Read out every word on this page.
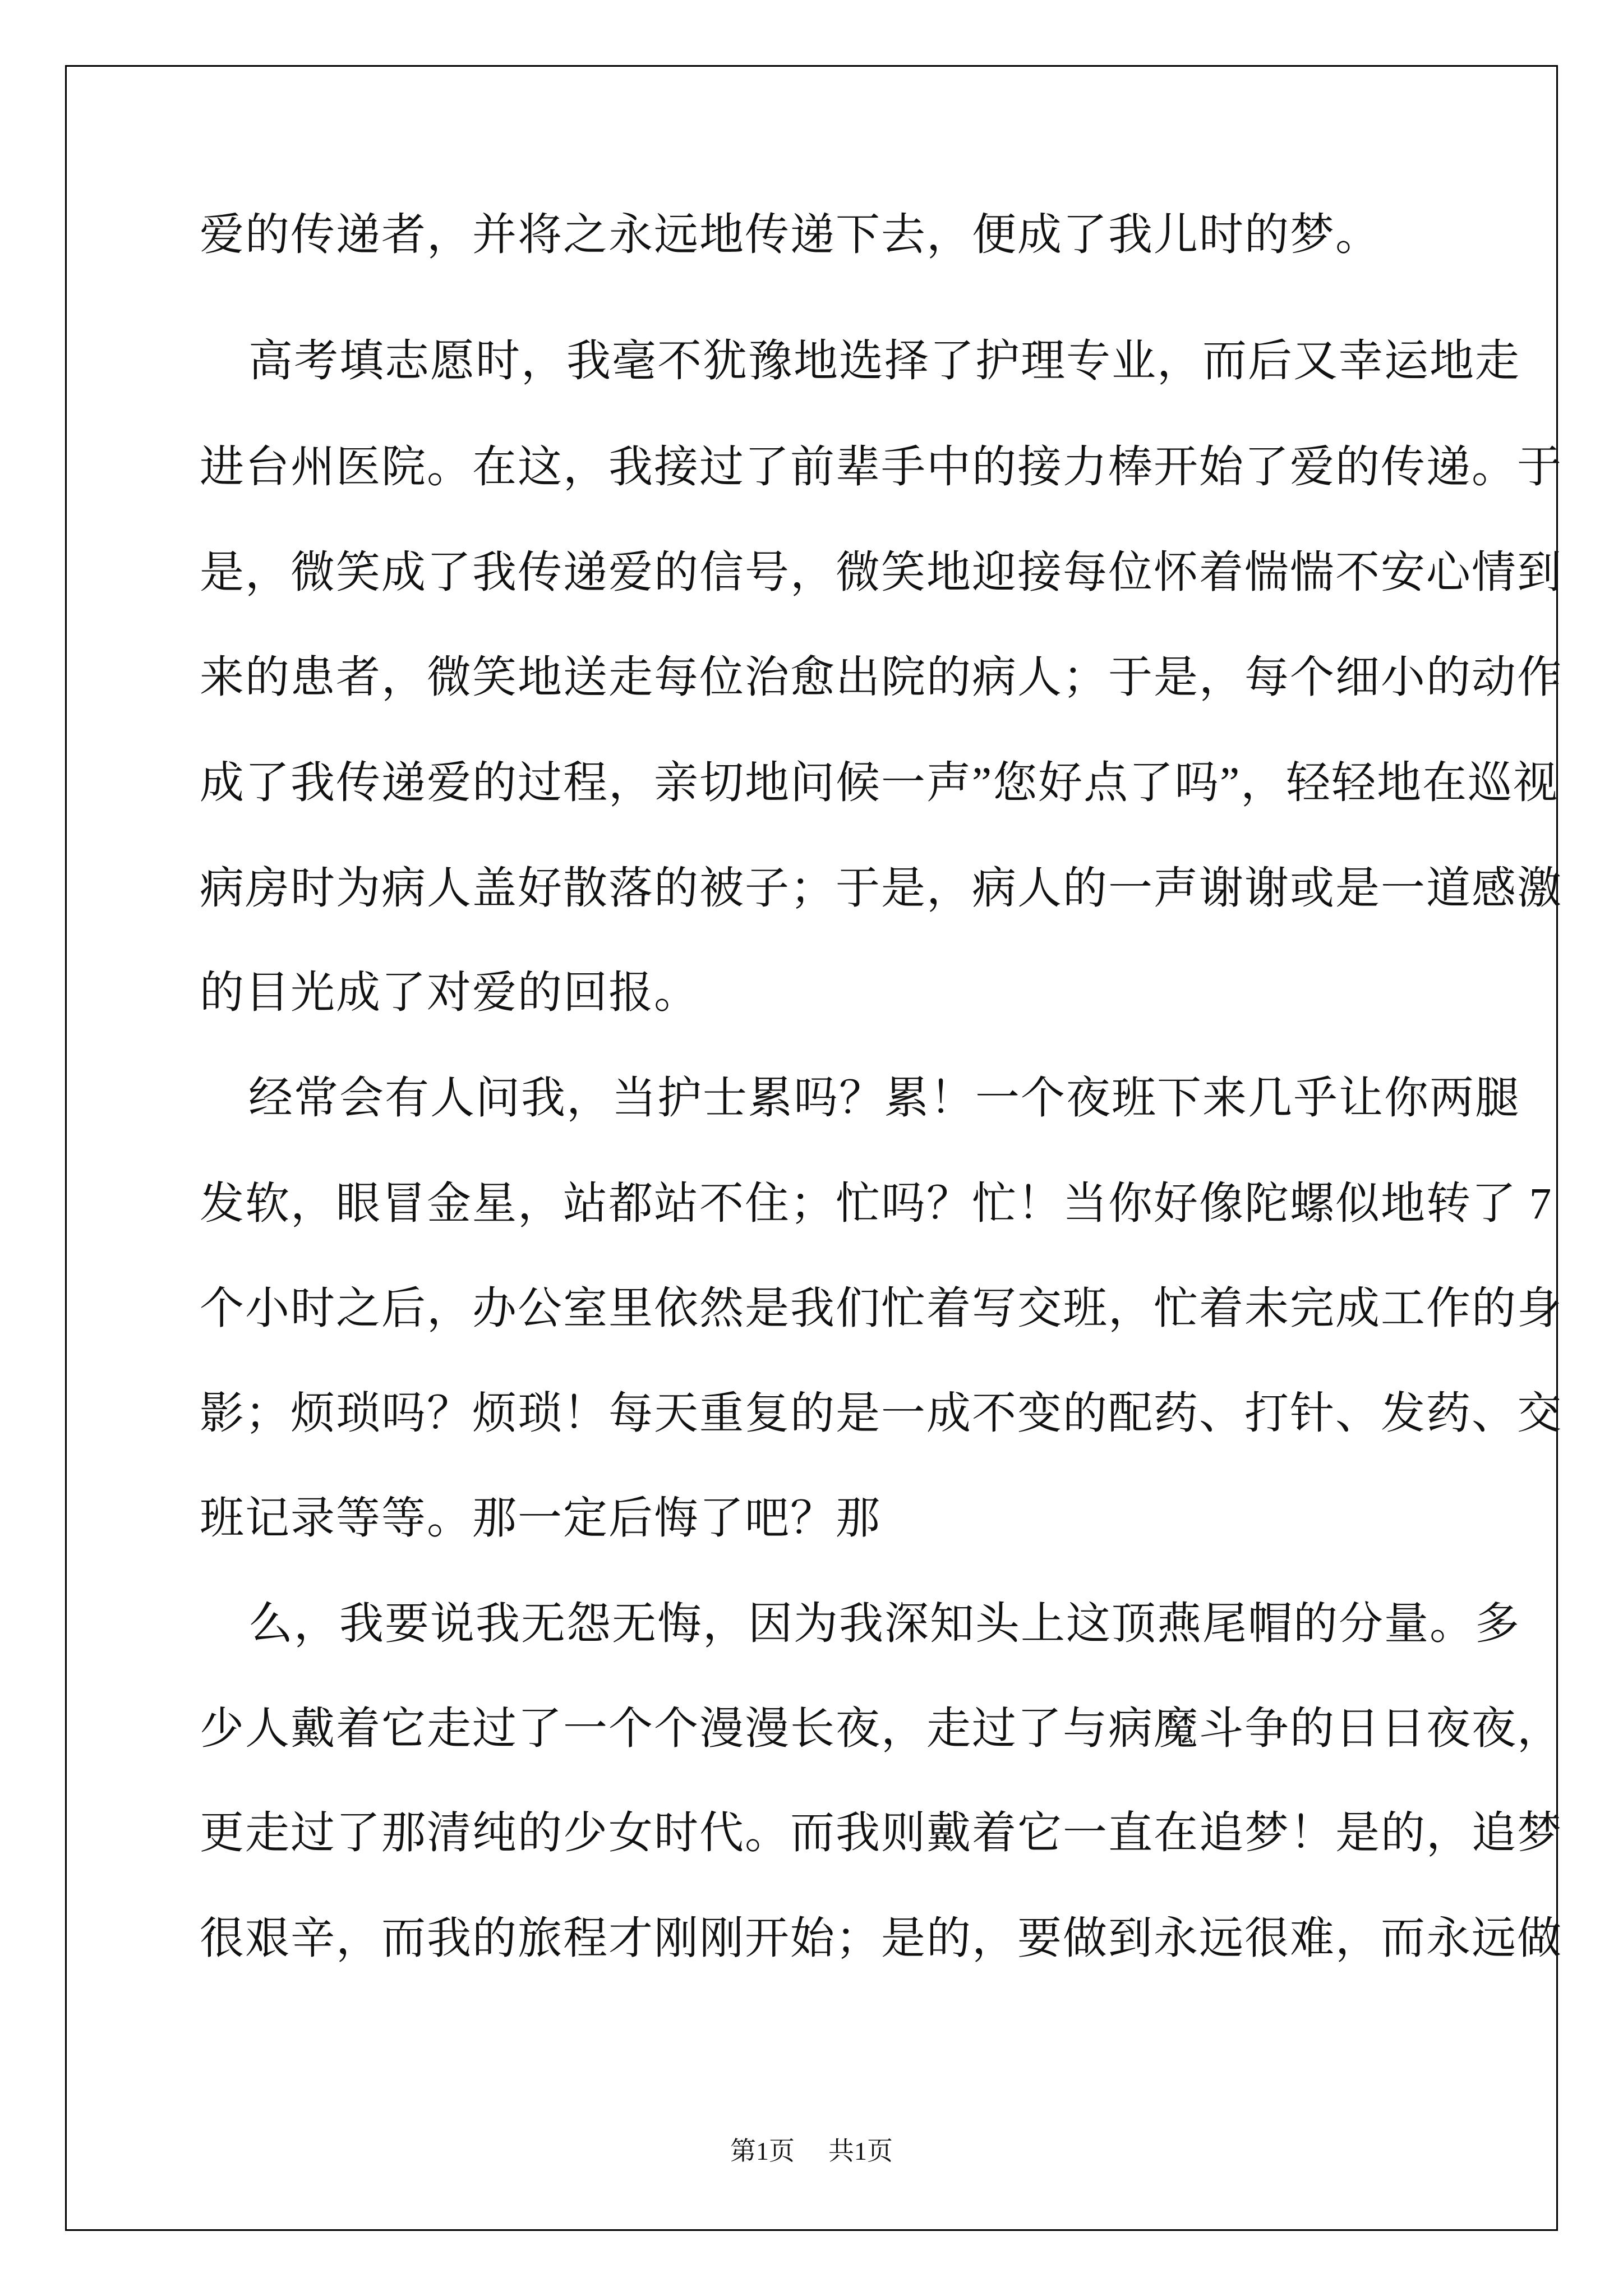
爱的传递者，并将之永远地传递下去，便成了我儿时的梦。
高考填志愿时，我毫不犹豫地选择了护理专业，而后又幸运地走
进台州医院。在这，我接过了前辈手中的接力棒开始了爱的传递。于
是，微笑成了我传递爱的信号，微笑地迎接每位怀着惴惴不安心情到
来的患者，微笑地送走每位治愈出院的病人；于是，每个细小的动作
成了我传递爱的过程，亲切地问候一声”您好点了吗”，轻轻地在巡视
病房时为病人盖好散落的被子；于是，病人的一声谢谢或是一道感激
的目光成了对爱的回报。
经常会有人问我，当护士累吗？累！一个夜班下来几乎让你两腿
发软，眼冒金星，站都站不住；忙吗？忙！当你好像陀螺似地转了 7
个小时之后，办公室里依然是我们忙着写交班，忙着未完成工作的身
影；烦琐吗？烦琐！每天重复的是一成不变的配药、打针、发药、交
班记录等等。那一定后悔了吧？那
么，我要说我无怨无悔，因为我深知头上这顶燕尾帽的分量。多
少人戴着它走过了一个个漫漫长夜，走过了与病魔斗争的日日夜夜，
更走过了那清纯的少女时代。而我则戴着它一直在追梦！是的，追梦
很艰辛，而我的旅程才刚刚开始；是的，要做到永远很难，而永远做
第1页 共1页
